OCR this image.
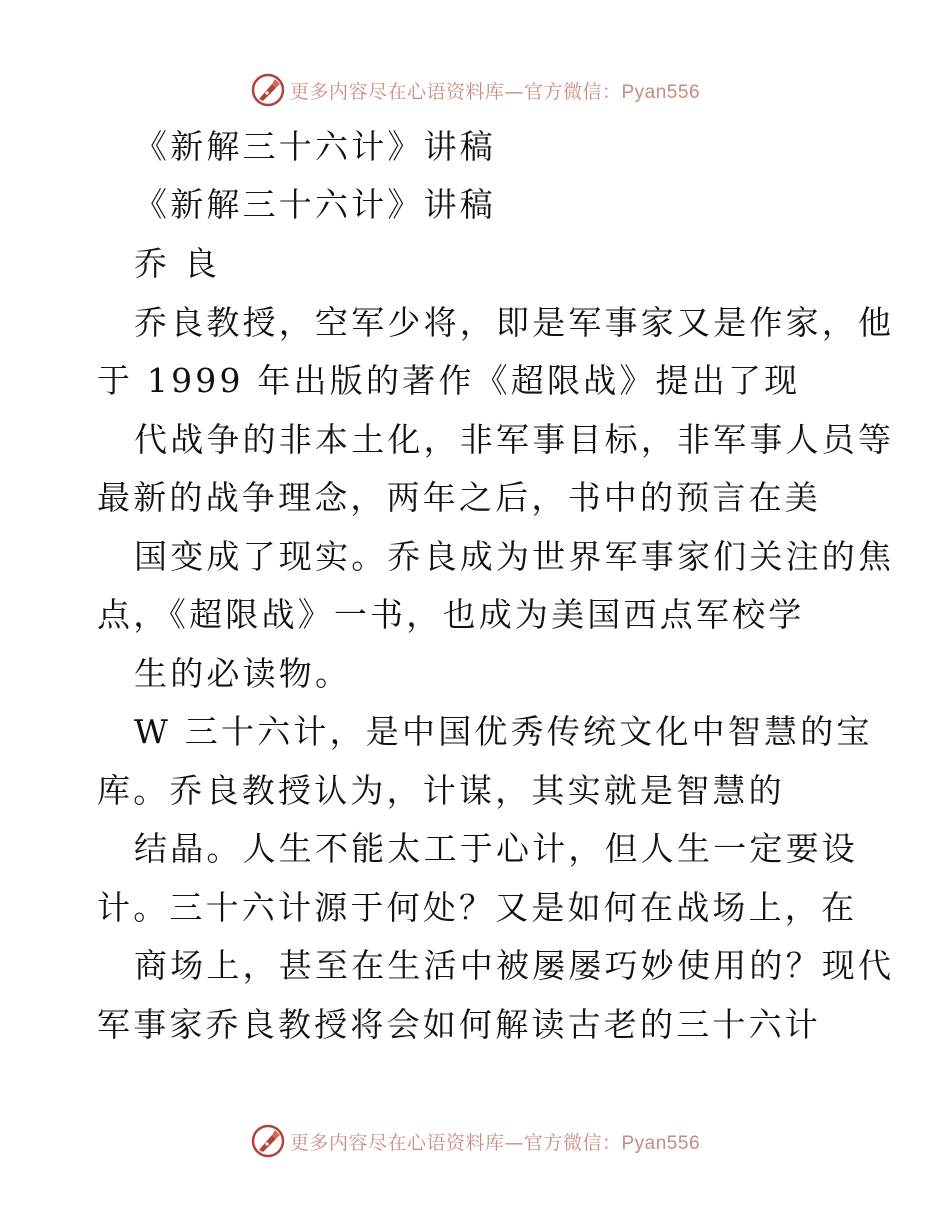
更多内容尽在心语资料库—官方微信：Pyan556
《新解三十六计》讲稿
《新解三十六计》讲稿
乔 良
乔良教授，空军少将，即是军事家又是作家，他
于 1999 年出版的著作《超限战》提出了现
代战争的非本土化，非军事目标，非军事人员等
最新的战争理念，两年之后，书中的预言在美
国变成了现实。乔良成为世界军事家们关注的焦
点，《超限战》一书，也成为美国西点军校学
生的必读物。
W 三十六计，是中国优秀传统文化中智慧的宝
库。乔良教授认为，计谋，其实就是智慧的
结晶。人生不能太工于心计，但人生一定要设
计。三十六计源于何处？又是如何在战场上，在
商场上，甚至在生活中被屡屡巧妙使用的？现代
军事家乔良教授将会如何解读古老的三十六计
更多内容尽在心语资料库—官方微信：Pyan556
